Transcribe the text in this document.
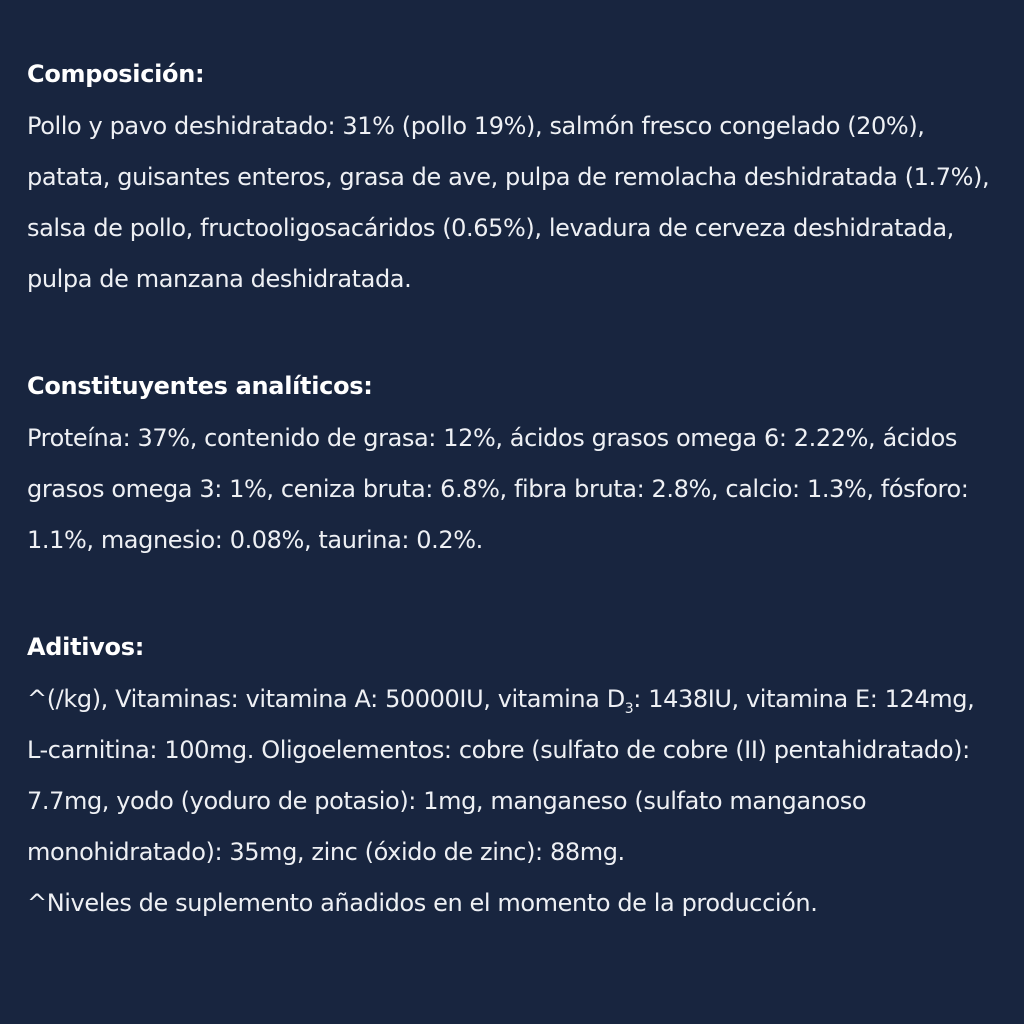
Composición:

Pollo y pavo deshidratado: 31% (pollo 19%), salmón fresco congelado (20%), patata, guisantes enteros, grasa de ave, pulpa de remolacha deshidratada (1.7%), salsa de pollo, fructooligosacáridos (0.65%), levadura de cerveza deshidratada, pulpa de manzana deshidratada.

Constituyentes analíticos:

Proteína: 37%, contenido de grasa: 12%, ácidos grasos omega 6: 2.22%, ácidos grasos omega 3: 1%, ceniza bruta: 6.8%, fibra bruta: 2.8%, calcio: 1.3%, fósforo: 1.1%, magnesio: 0.08%, taurina: 0.2%.

Aditivos:

^(/kg), Vitaminas: vitamina A: 50000IU, vitamina $D_3$: 1438IU, vitamina E: 124mg, L-carnitina: 100mg. Oligoelementos: cobre (sulfato de cobre (II) pentahidratado): 7.7mg, yodo (yoduro de potasio): 1mg, manganeso (sulfato manganoso monohidratado): 35mg, zinc (óxido de zinc): 88mg.
^Niveles de suplemento añadidos en el momento de la producción.
